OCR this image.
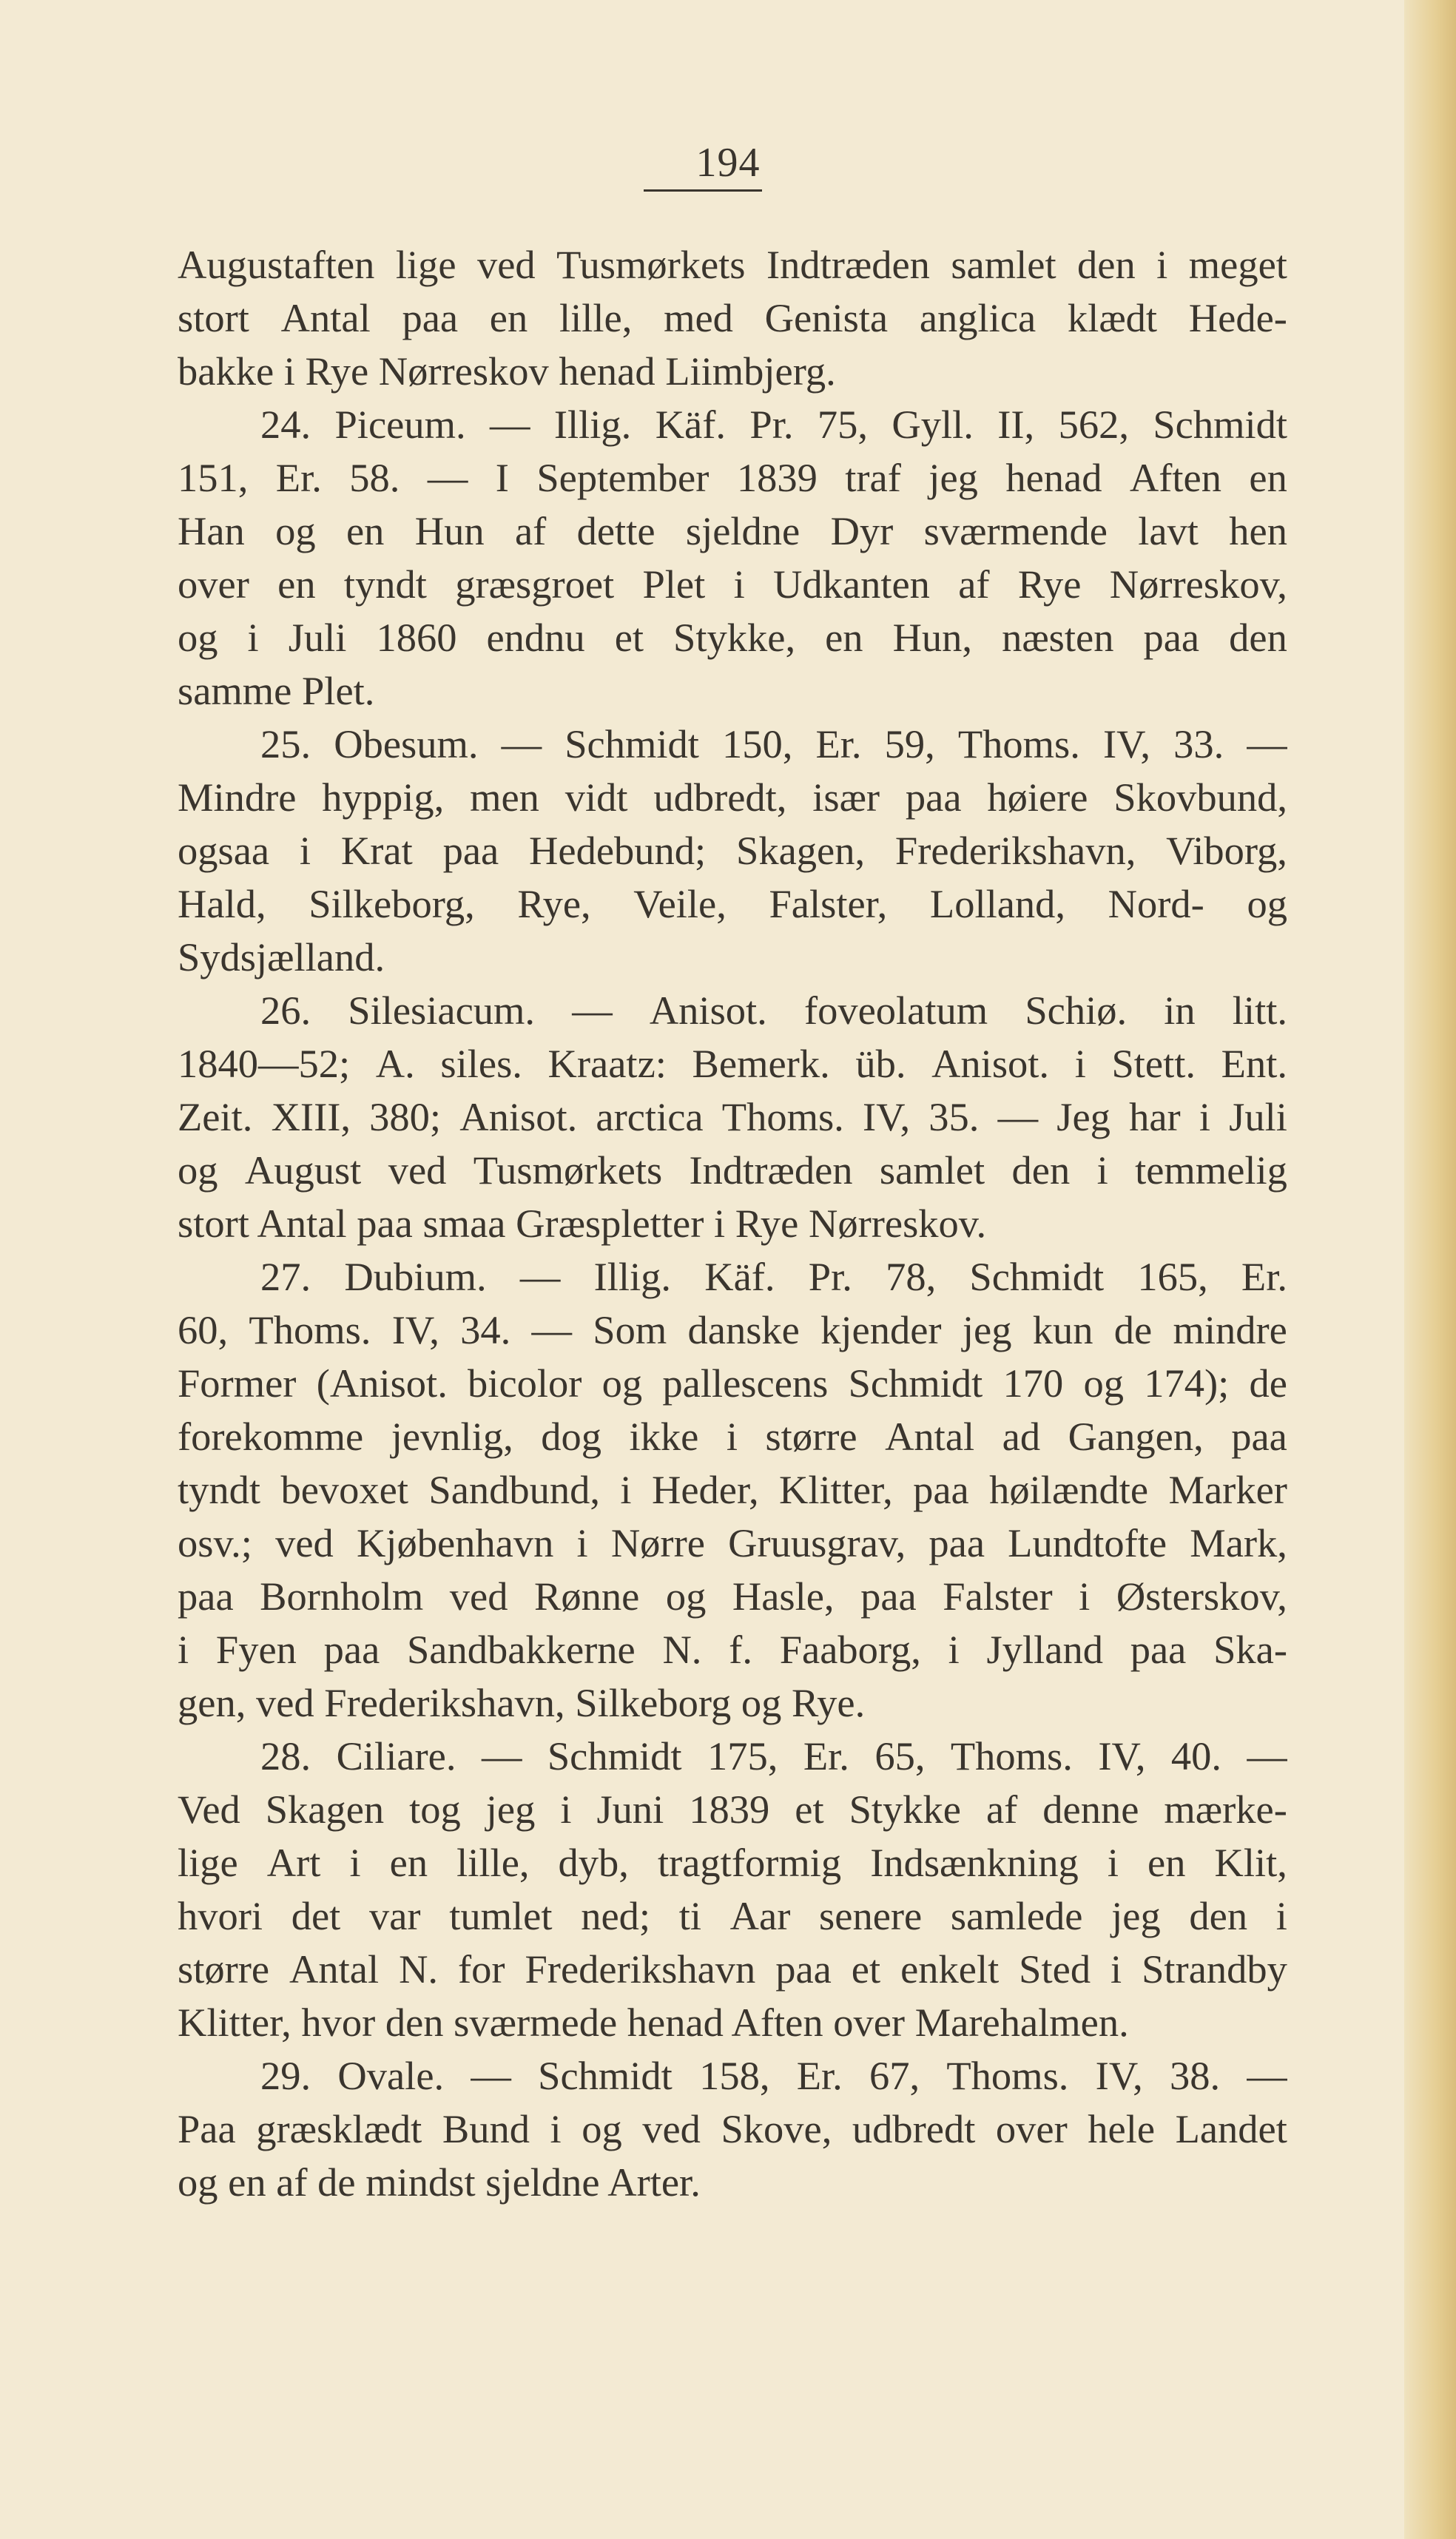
194
Augustaften lige ved Tusmørkets Indtræden samlet den i meget
stort Antal paa en lille, med Genista anglica klædt Hede-
bakke i Rye Nørreskov henad Liimbjerg.
24. Piceum. — Illig. Käf. Pr. 75, Gyll. II, 562, Schmidt
151, Er. 58. — I September 1839 traf jeg henad Aften en
Han og en Hun af dette sjeldne Dyr sværmende lavt hen
over en tyndt græsgroet Plet i Udkanten af Rye Nørreskov,
og i Juli 1860 endnu et Stykke, en Hun, næsten paa den
samme Plet.
25. Obesum. — Schmidt 150, Er. 59, Thoms. IV, 33. —
Mindre hyppig, men vidt udbredt, især paa høiere Skovbund,
ogsaa i Krat paa Hedebund; Skagen, Frederikshavn, Viborg,
Hald, Silkeborg, Rye, Veile, Falster, Lolland, Nord- og
Sydsjælland.
26. Silesiacum. — Anisot. foveolatum Schiø. in litt.
1840—52; A. siles. Kraatz: Bemerk. üb. Anisot. i Stett. Ent.
Zeit. XIII, 380; Anisot. arctica Thoms. IV, 35. — Jeg har i Juli
og August ved Tusmørkets Indtræden samlet den i temmelig
stort Antal paa smaa Græspletter i Rye Nørreskov.
27. Dubium. — Illig. Käf. Pr. 78, Schmidt 165, Er.
60, Thoms. IV, 34. — Som danske kjender jeg kun de mindre
Former (Anisot. bicolor og pallescens Schmidt 170 og 174); de
forekomme jevnlig, dog ikke i større Antal ad Gangen, paa
tyndt bevoxet Sandbund, i Heder, Klitter, paa høilændte Marker
osv.; ved Kjøbenhavn i Nørre Gruusgrav, paa Lundtofte Mark,
paa Bornholm ved Rønne og Hasle, paa Falster i Østerskov,
i Fyen paa Sandbakkerne N. f. Faaborg, i Jylland paa Ska-
gen, ved Frederikshavn, Silkeborg og Rye.
28. Ciliare. — Schmidt 175, Er. 65, Thoms. IV, 40. —
Ved Skagen tog jeg i Juni 1839 et Stykke af denne mærke-
lige Art i en lille, dyb, tragtformig Indsænkning i en Klit,
hvori det var tumlet ned; ti Aar senere samlede jeg den i
større Antal N. for Frederikshavn paa et enkelt Sted i Strandby
Klitter, hvor den sværmede henad Aften over Marehalmen.
29. Ovale. — Schmidt 158, Er. 67, Thoms. IV, 38. —
Paa græsklædt Bund i og ved Skove, udbredt over hele Landet
og en af de mindst sjeldne Arter.
